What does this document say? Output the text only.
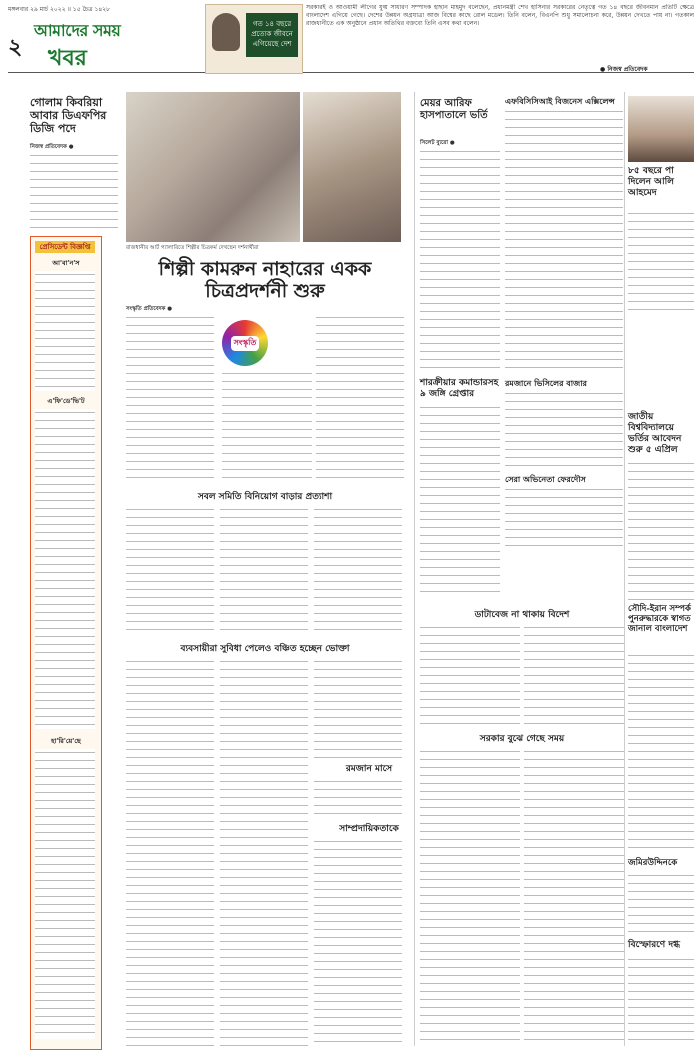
মঙ্গলবার ২৯ মার্চ ২০২২ ॥ ১৫ চৈত্র ১৪২৮
২
আমাদের সময়
খবর
গত ১৪ বছরে প্রত্যেক জীবনে এগিয়েছে দেশ
সরকারই ও আওয়ামী লীগের যুগ্ম সাধারণ সম্পাদক হাছান মাহমুদ বলেছেন, প্রধানমন্ত্রী শেখ হাসিনার সরকারের নেতৃত্বে গত ১৪ বছরে জীবনমান প্রতিটি ক্ষেত্রে বাংলাদেশ এগিয়ে গেছে। দেশের উন্নয়ন অগ্রযাত্রা আজ বিশ্বের কাছে রোল মডেল। তিনি বলেন, বিএনপি শুধু সমালোচনা করে, উন্নয়ন দেখতে পায় না। গতকাল রাজধানীতে এক অনুষ্ঠানে প্রধান অতিথির বক্তব্যে তিনি এসব কথা বলেন।
● নিজস্ব প্রতিবেদক
গোলাম কিবরিয়া আবার ডিএফপির ডিজি পদে
নিজস্ব প্রতিবেদক ●
প্রেসিডেন্ট বিজ্ঞপ্তি
আ'বা'ন'স
এ'ফি'ডে'ভি'ট
হা'রি'য়ে'ছে
রাজধানীর আর্ট গ্যালারিতে শিল্পীর চিত্রকর্ম দেখছেন দর্শনার্থীরা
মেয়র আরিফ হাসপাতালে ভর্তি
সিলেট ব্যুরো ●
এফবিসিসিআই বিজনেস এক্সিলেন্স
৮৫ বছরে পা দিলেন আলি আহমেদ
শিল্পী কামরুন নাহারের একক চিত্রপ্রদর্শনী শুরু
সংস্কৃতি প্রতিবেদক ●
সংস্কৃতি
শারক্রীয়ার কমান্ডারসহ ৯ জঙ্গি গ্রেপ্তার
রমজানে ভিসিলের বাজার
সেরা অভিনেতা ফেরদৌস
জাতীয় বিশ্ববিদ্যালয়ে ভর্তির আবেদন শুরু ৫ এপ্রিল
সবল সমিতি বিনিয়োগ বাড়ার প্রত্যাশা
সৌদি-ইরান সম্পর্ক পুনরুদ্ধারকে স্বাগত জানাল বাংলাদেশ
ডাটাবেজ না থাকায় বিদেশ
ব্যবসায়ীরা সুবিধা পেলেও বঞ্চিত হচ্ছেন ভোক্তা
রমজান মাসে
সাম্প্রদায়িকতাকে
সরকার বুঝে গেছে সময়
জমিরউদ্দিনকে
বিস্ফোরণে দগ্ধ
